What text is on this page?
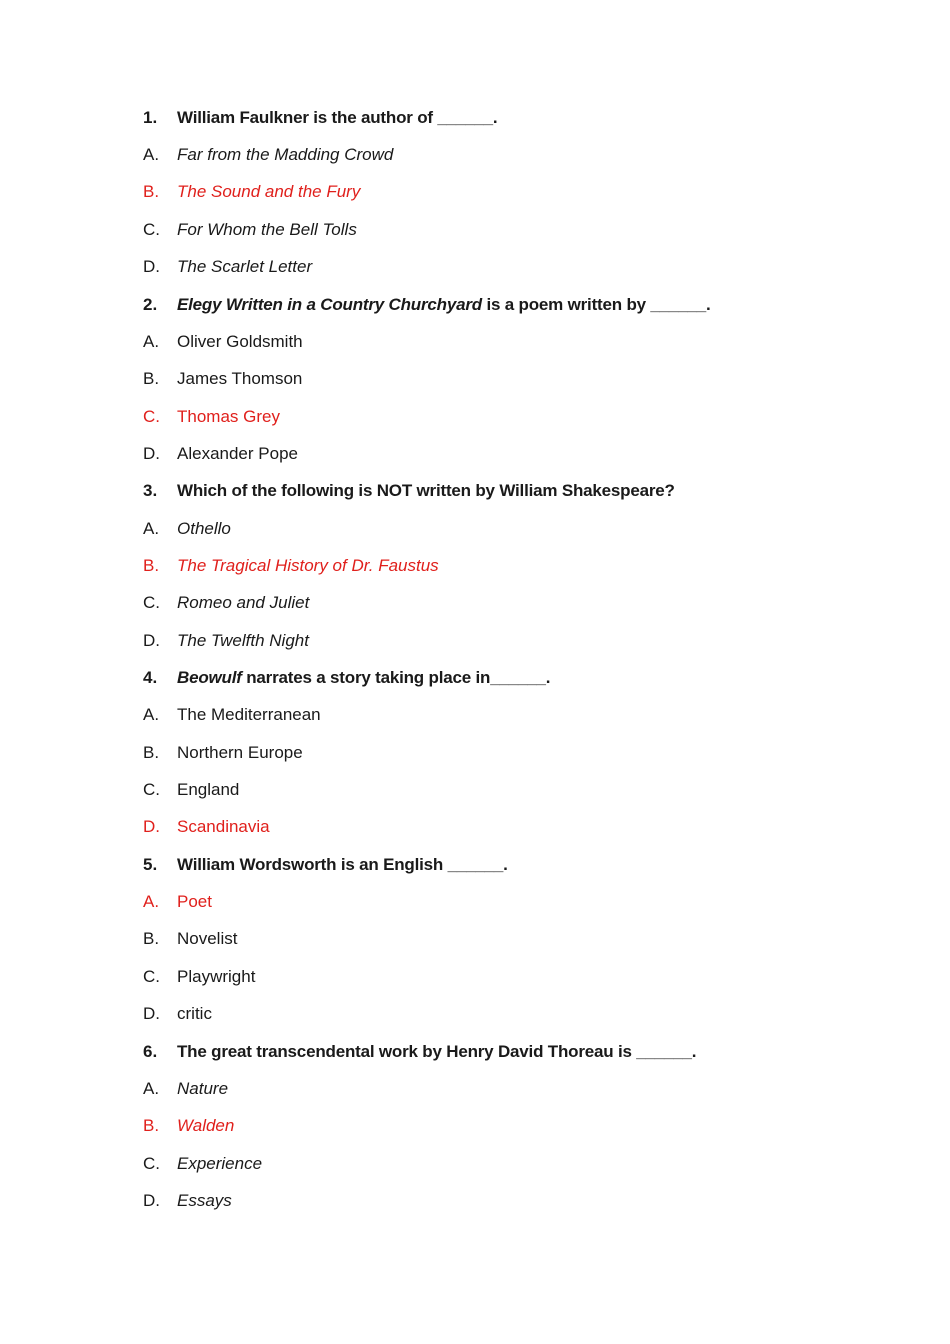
1. William Faulkner is the author of ______.
A. Far from the Madding Crowd
B. The Sound and the Fury
C. For Whom the Bell Tolls
D. The Scarlet Letter
2. Elegy Written in a Country Churchyard is a poem written by ______.
A. Oliver Goldsmith
B. James Thomson
C. Thomas Grey
D. Alexander Pope
3. Which of the following is NOT written by William Shakespeare?
A. Othello
B. The Tragical History of Dr. Faustus
C. Romeo and Juliet
D. The Twelfth Night
4. Beowulf narrates a story taking place in______.
A. The Mediterranean
B. Northern Europe
C. England
D. Scandinavia
5. William Wordsworth is an English ______.
A. Poet
B. Novelist
C. Playwright
D. critic
6. The great transcendental work by Henry David Thoreau is ______.
A. Nature
B. Walden
C. Experience
D. Essays
